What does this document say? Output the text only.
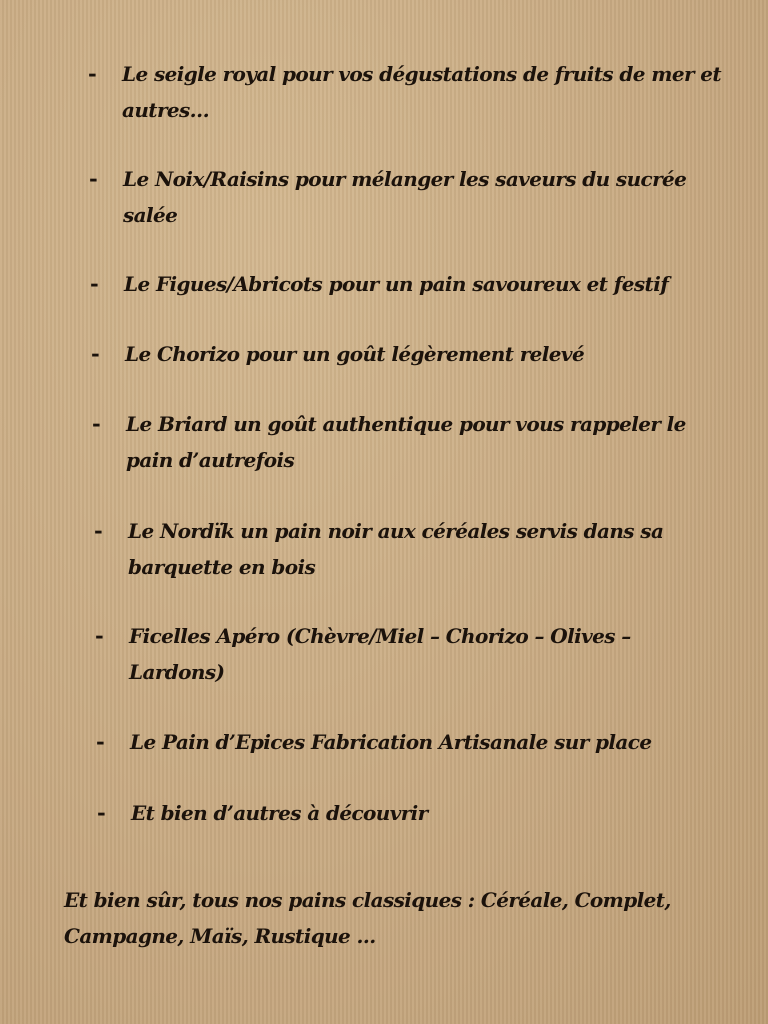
-	Le seigle royal pour vos dégustations de fruits de mer et autres…
-	Le Noix/Raisins pour mélanger les saveurs du sucrée salée
-	Le Figues/Abricots pour un pain savoureux et festif
-	Le Chorizo pour un goût légèrement relevé
-	Le Briard un goût authentique pour vous rappeler le pain d’autrefois
-	Le Nordïk un pain noir aux céréales servis dans sa barquette en bois
-	Ficelles Apéro (Chèvre/Miel – Chorizo – Olives – Lardons)
-	Le Pain d’Epices Fabrication Artisanale sur place
-	Et bien d’autres à découvrir
Et bien sûr, tous nos pains classiques : Céréale, Complet, Campagne, Maïs, Rustique ...
